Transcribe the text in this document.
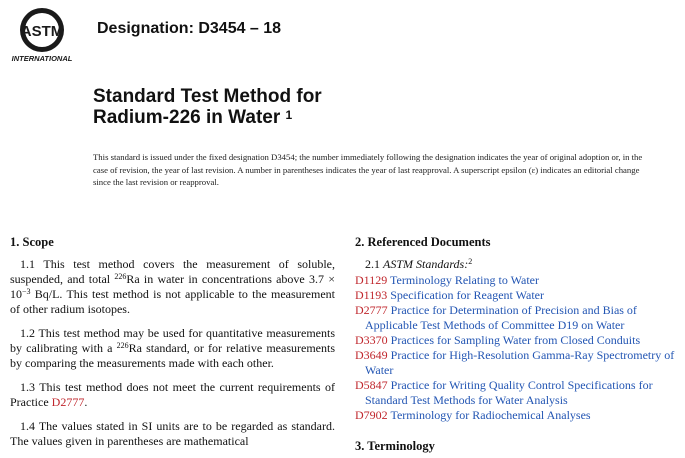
ASTM
INTERNATIONAL
Designation: D3454 – 18
Standard Test Method for
Radium-226 in Water $^1$
This standard is issued under the fixed designation D3454; the number immediately following the designation indicates the year of original adoption or, in the case of revision, the year of last revision. A number in parentheses indicates the year of last reapproval. A superscript epsilon (ε) indicates an editorial change since the last revision or reapproval.
1. Scope
1.1 This test method covers the measurement of soluble, suspended, and total $^{226}$Ra in water in concentrations above $3.7 \times 10^{-3}$ Bq/L. This test method is not applicable to the measurement of other radium isotopes.
1.2 This test method may be used for quantitative measurements by calibrating with a $^{226}$Ra standard, or for relative measurements by comparing the measurements made with each other.
1.3 This test method does not meet the current requirements of Practice D2777.
1.4 The values stated in SI units are to be regarded as standard. The values given in parentheses are mathematical
2. Referenced Documents
2.1 ASTM Standards:$^2$
D1129 Terminology Relating to Water
D1193 Specification for Reagent Water
D2777 Practice for Determination of Precision and Bias of Applicable Test Methods of Committee D19 on Water
D3370 Practices for Sampling Water from Closed Conduits
D3649 Practice for High-Resolution Gamma-Ray Spectrometry of Water
D5847 Practice for Writing Quality Control Specifications for Standard Test Methods for Water Analysis
D7902 Terminology for Radiochemical Analyses
3. Terminology
